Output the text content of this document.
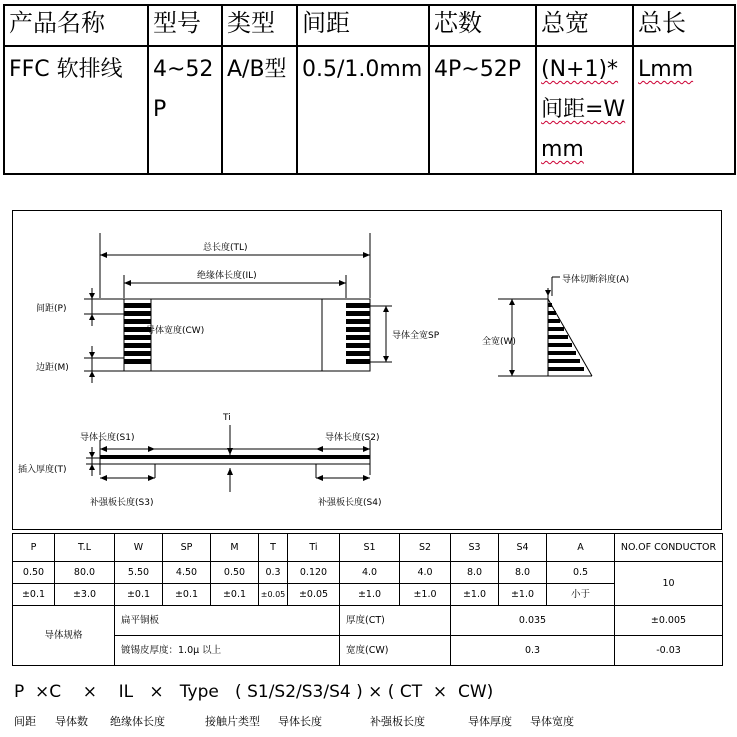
产品名称	型号	类型	间距	芯数	总宽	总长
FFC 软排线	4~52P	A/B型	0.5/1.0mm	4P~52P	(N+1)*间距=Wmm	Lmm
总长度(TL)
绝缘体长度(IL)
间距(P)
边距(M)
导体宽度(CW)	导体全宽SP
导体切断斜度(A)
全宽(W)
Ti
导体长度(S1)	导体长度(S2)
插入厚度(T)
补强板长度(S3)	补强板长度(S4)
P	T.L	W	SP	M	T	Ti	S1	S2	S3	S4	A	NO.OF CONDUCTOR
0.50	80.0	5.50	4.50	0.50	0.3	0.120	4.0	4.0	8.0	8.0	0.5	10
±0.1	±3.0	±0.1	±0.1	±0.1	±0.05	±0.05	±1.0	±1.0	±1.0	±1.0	小于	
导体规格		扁平铜板					厚度(CT)		0.035			±0.005
		镀锡皮厚度：1.0μ 以上					宽度(CW)		0.3			-0.03
P  ×C    ×    IL   ×   Type   ( S1/S2/S3/S4 ) × ( CT  ×  CW)
间距 导体数 绝缘体长度	接触片类型 导体长度	补强板长度	导体厚度 导体宽度
